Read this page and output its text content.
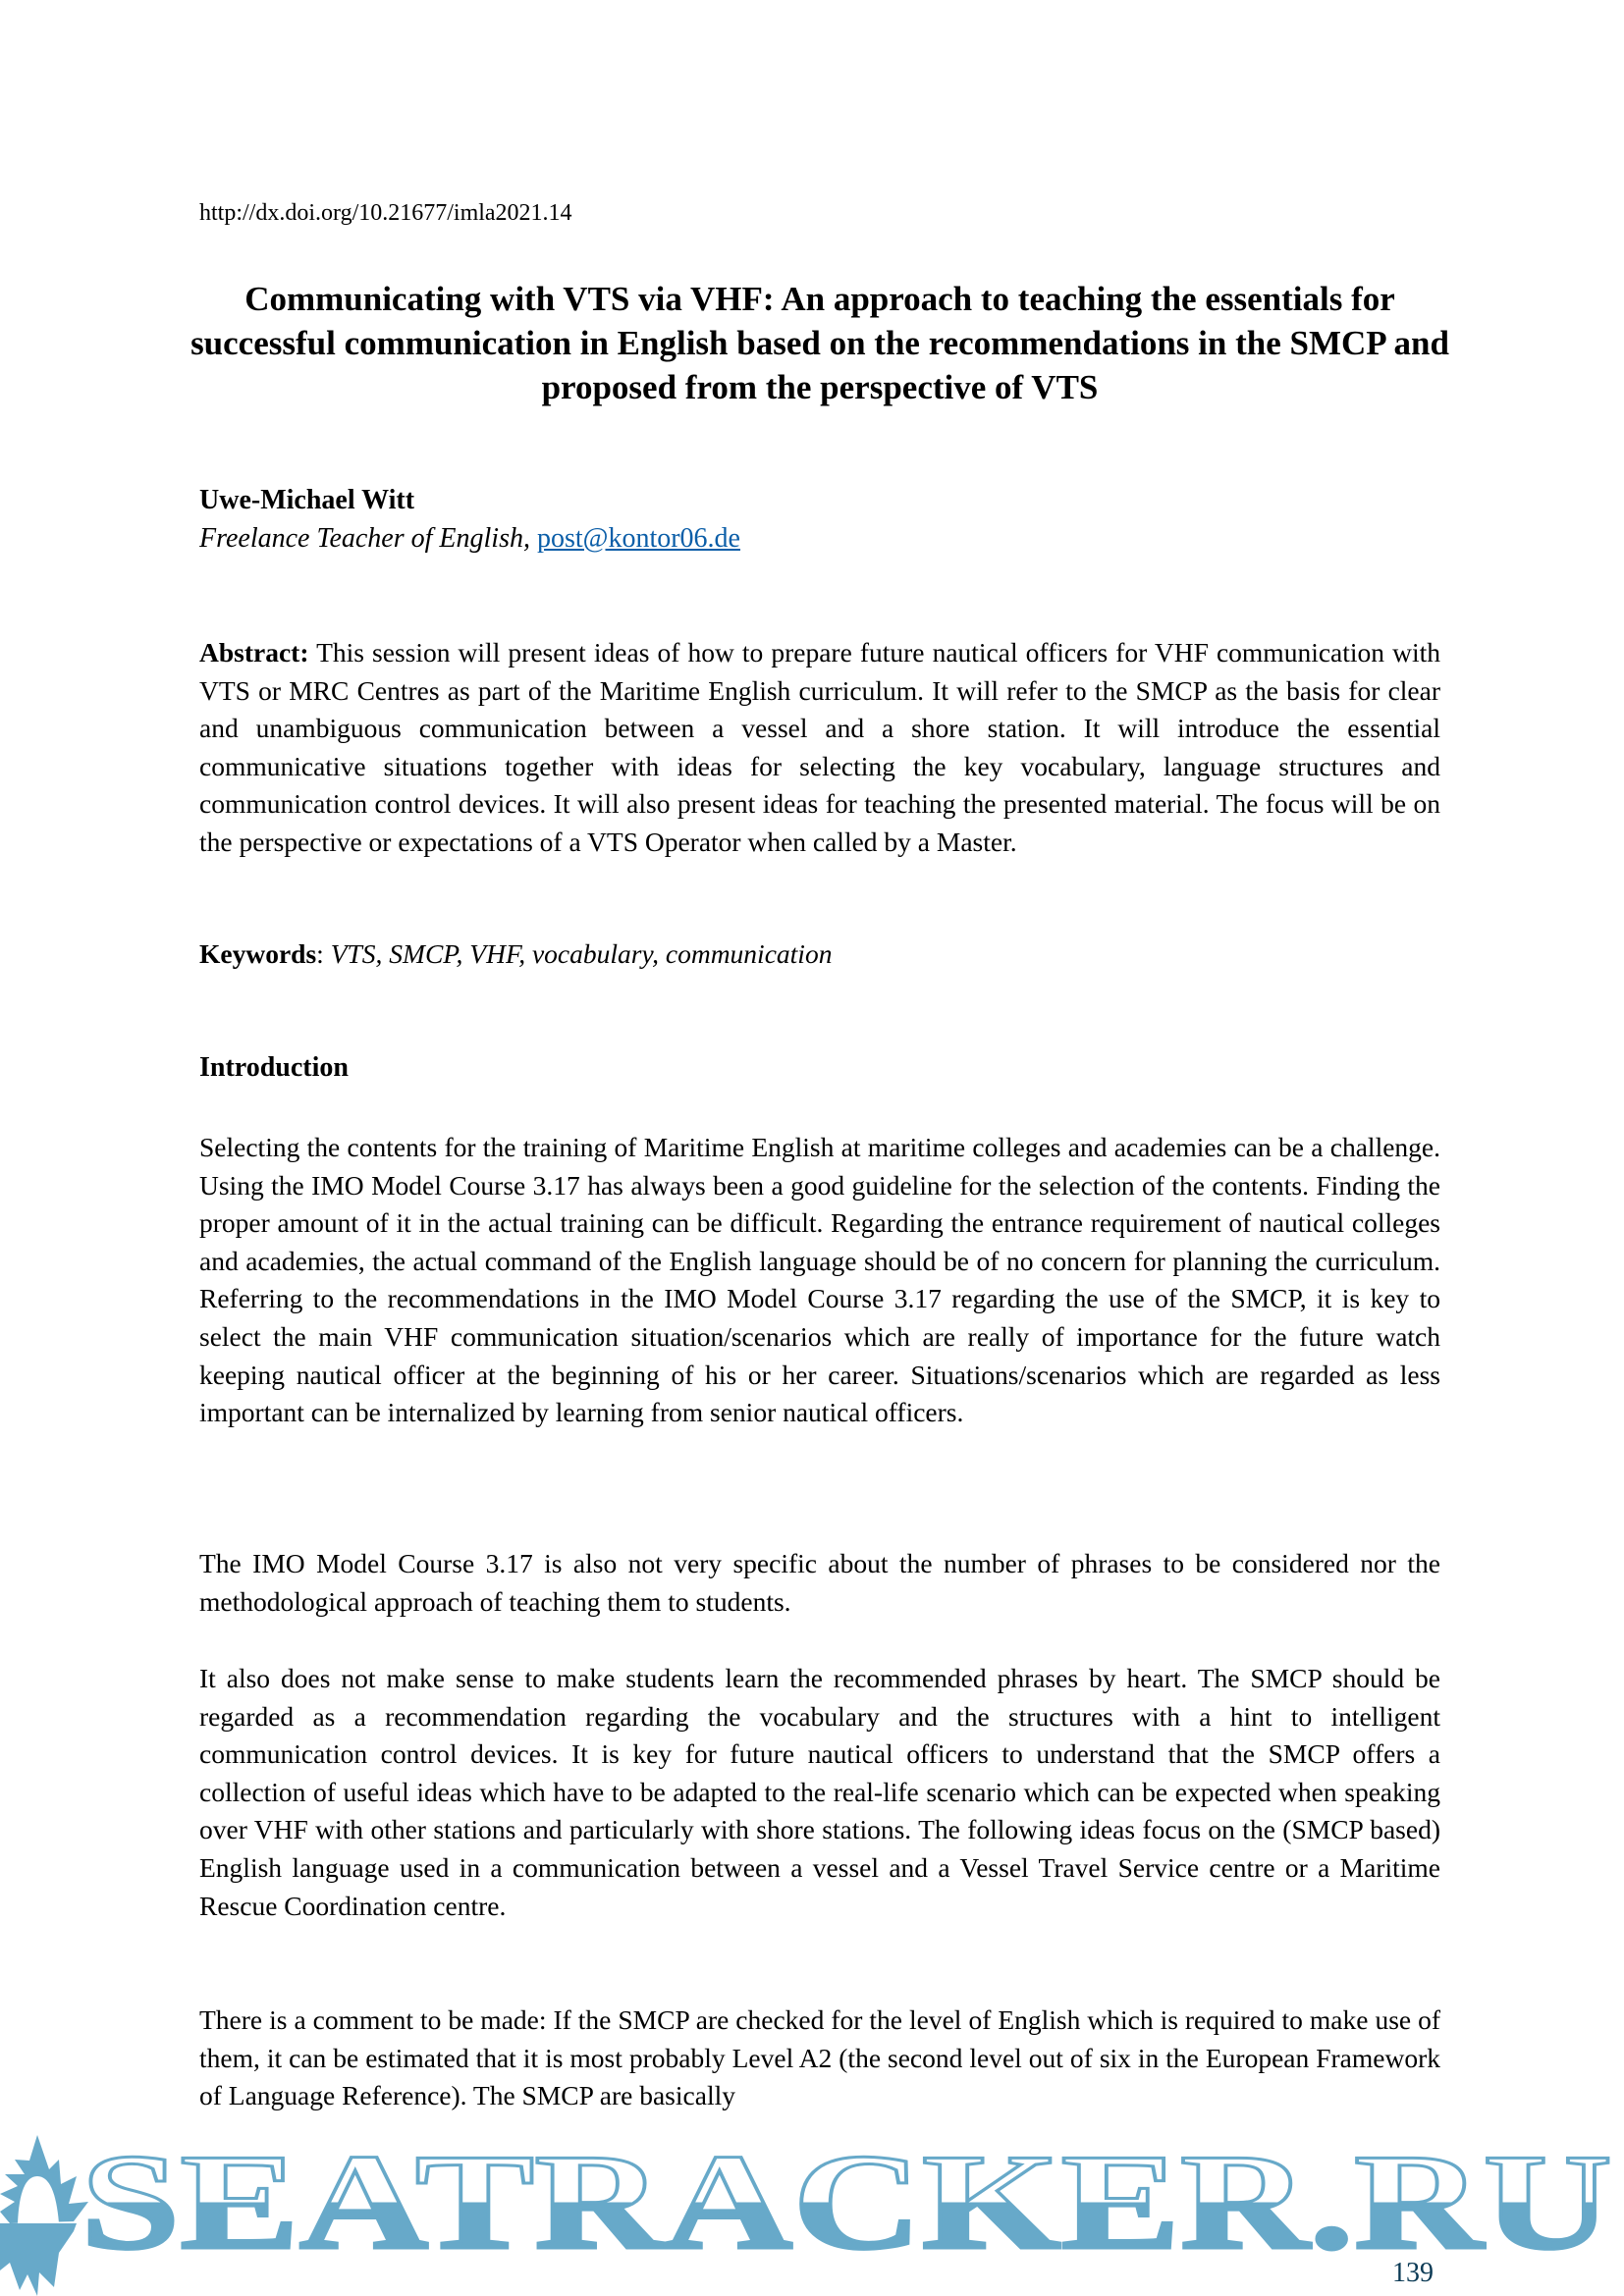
http://dx.doi.org/10.21677/imla2021.14
Communicating with VTS via VHF: An approach to teaching the essentials for successful communication in English based on the recommendations in the SMCP and proposed from the perspective of VTS
Uwe-Michael Witt
Freelance Teacher of English, post@kontor06.de

Abstract: This session will present ideas of how to prepare future nautical officers for VHF communication with VTS or MRC Centres as part of the Maritime English curriculum. It will refer to the SMCP as the basis for clear and unambiguous communication between a vessel and a shore station. It will introduce the essential communicative situations together with ideas for selecting the key vocabulary, language structures and communication control devices. It will also present ideas for teaching the presented material. The focus will be on the perspective or expectations of a VTS Operator when called by a Master.

Keywords: VTS, SMCP, VHF, vocabulary, communication
Introduction

Selecting the contents for the training of Maritime English at maritime colleges and academies can be a challenge. Using the IMO Model Course 3.17 has always been a good guideline for the selection of the contents. Finding the proper amount of it in the actual training can be difficult. Regarding the entrance requirement of nautical colleges and academies, the actual command of the English language should be of no concern for planning the curriculum. Referring to the recommendations in the IMO Model Course 3.17 regarding the use of the SMCP, it is key to select the main VHF communication situation/scenarios which are really of importance for the future watch keeping nautical officer at the beginning of his or her career. Situations/scenarios which are regarded as less important can be internalized by learning from senior nautical officers.

The IMO Model Course 3.17 is also not very specific about the number of phrases to be considered nor the methodological approach of teaching them to students.

It also does not make sense to make students learn the recommended phrases by heart. The SMCP should be regarded as a recommendation regarding the vocabulary and the structures with a hint to intelligent communication control devices. It is key for future nautical officers to understand that the SMCP offers a collection of useful ideas which have to be adapted to the real-life scenario which can be expected when speaking over VHF with other stations and particularly with shore stations. The following ideas focus on the (SMCP based) English language used in a communication between a vessel and a Vessel Travel Service centre or a Maritime Rescue Coordination centre.

There is a comment to be made: If the SMCP are checked for the level of English which is required to make use of them, it can be estimated that it is most probably Level A2 (the second level out of six in the European Framework of Language Reference). The SMCP are basically

SEATRACKER.RU
139
